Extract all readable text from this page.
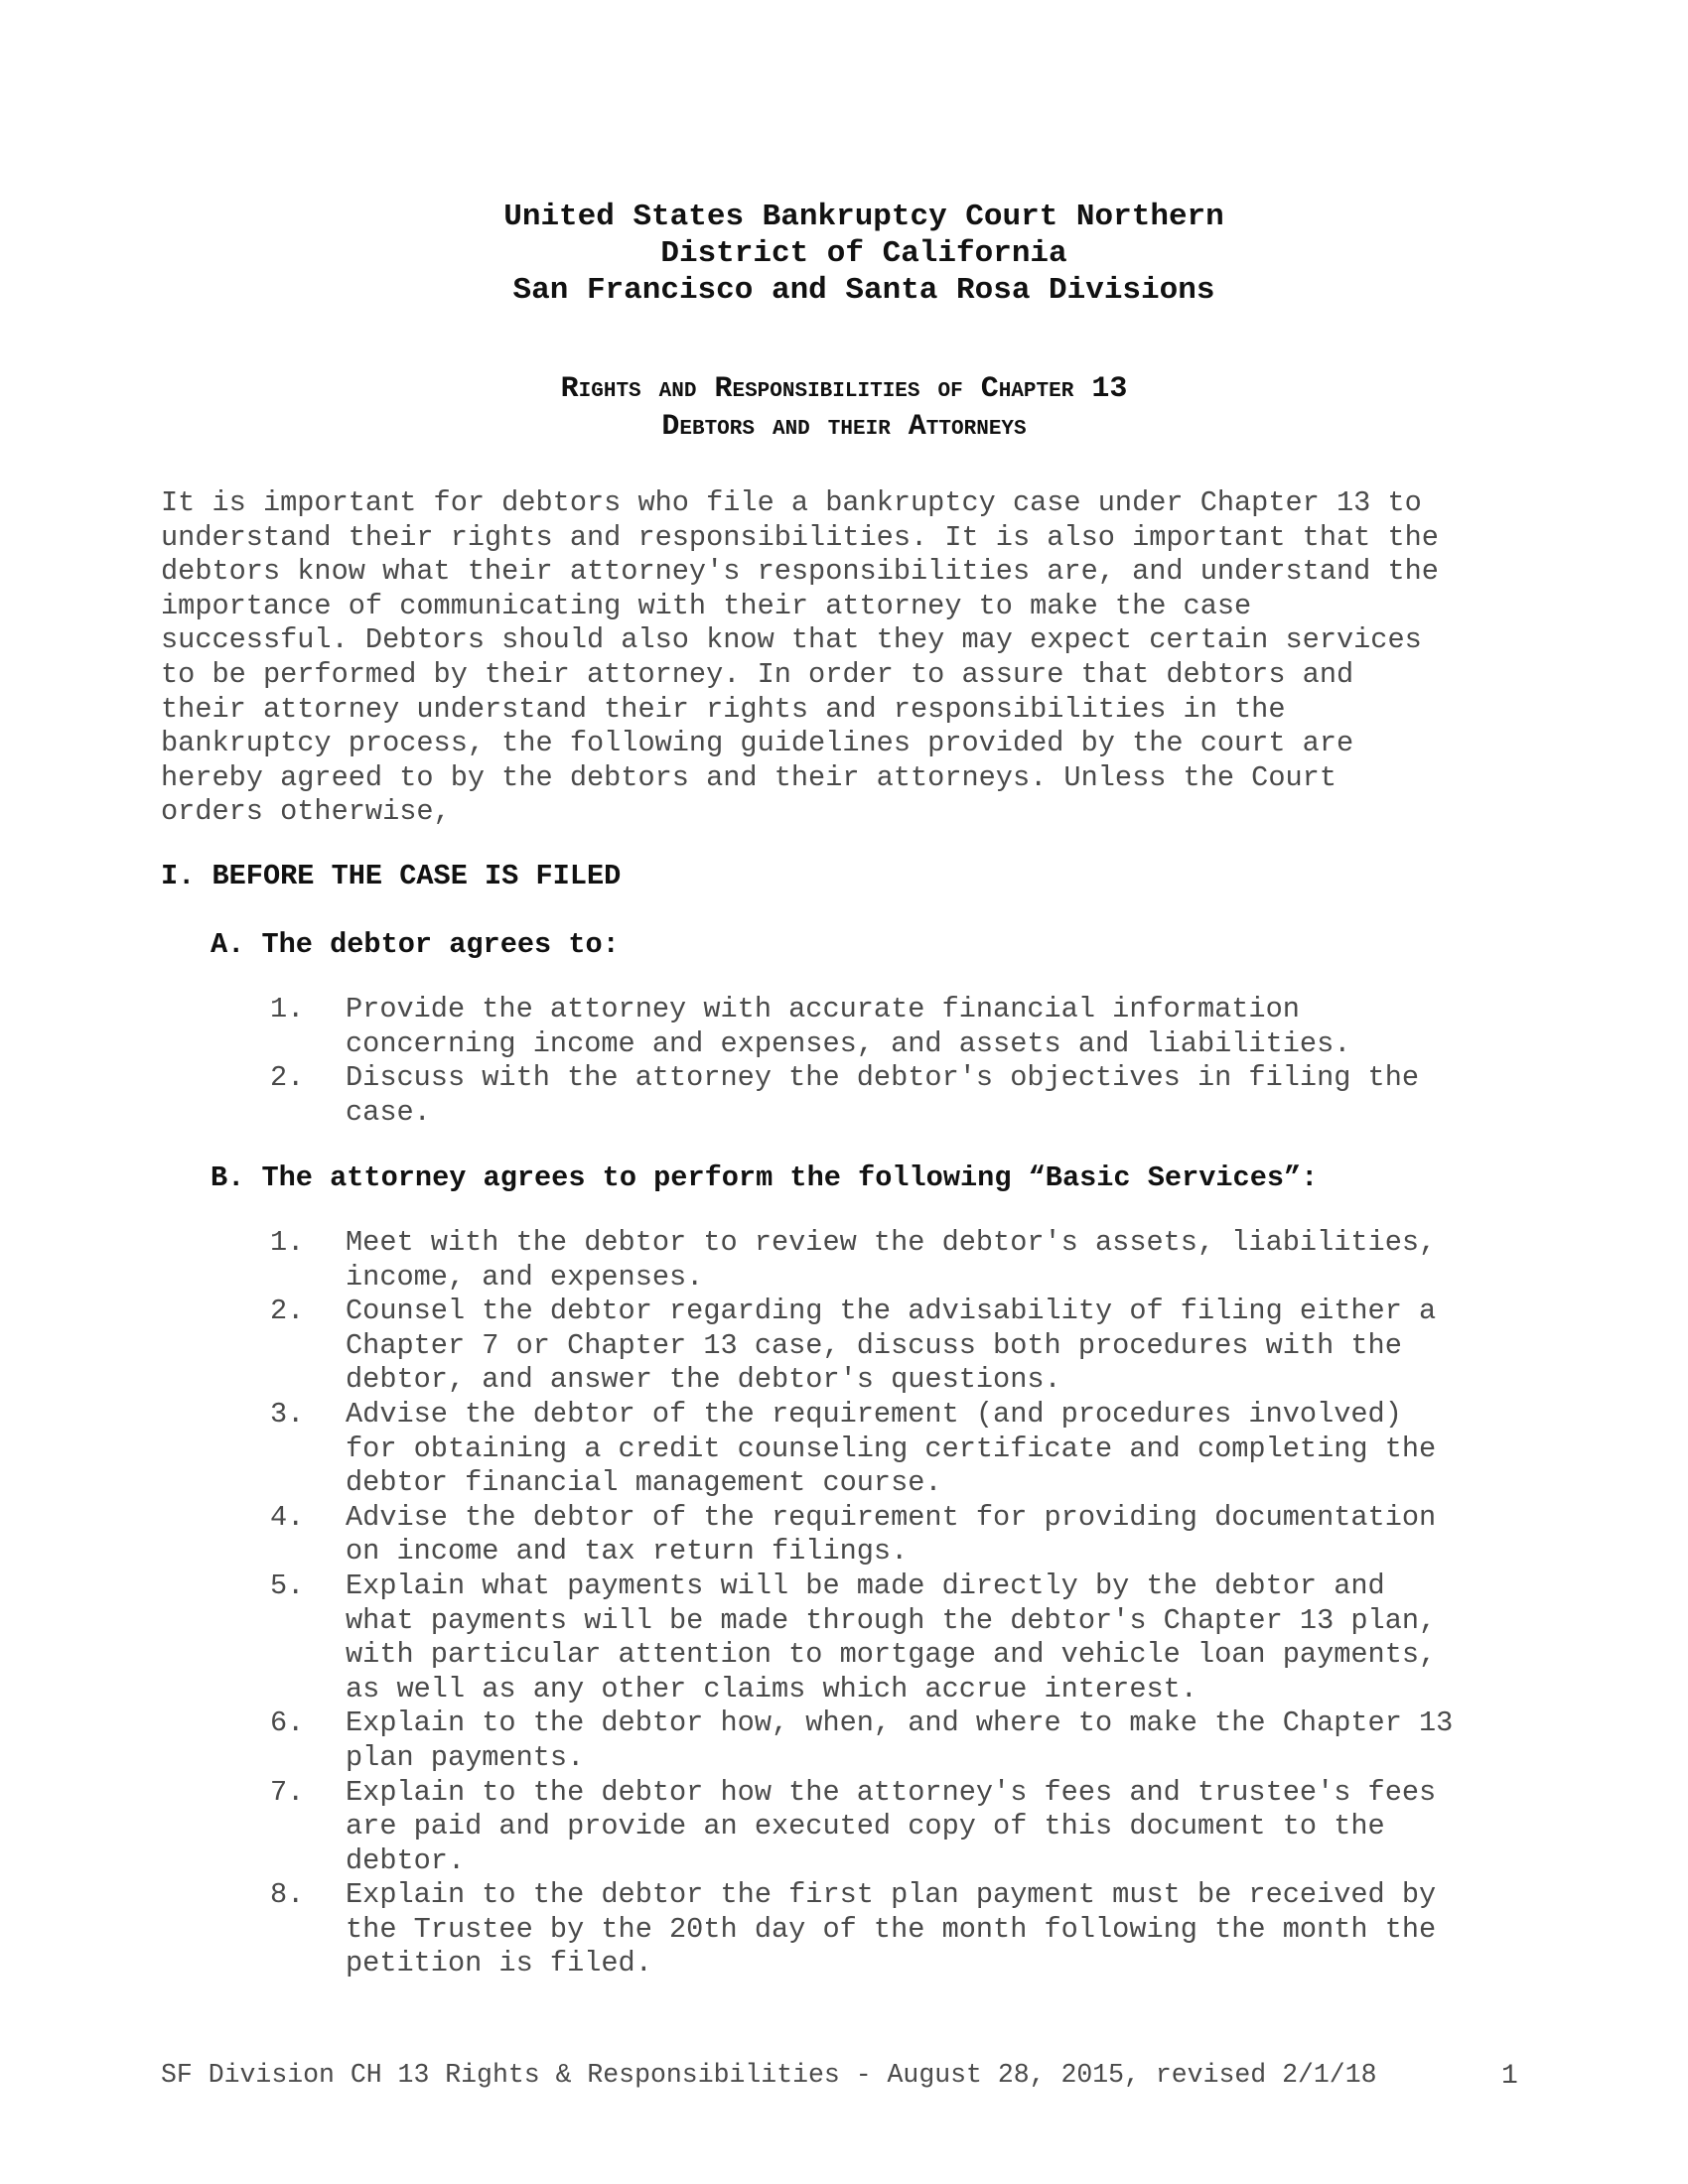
United States Bankruptcy Court Northern
District of California
San Francisco and Santa Rosa Divisions
Rights and Responsibilities of Chapter 13
Debtors and their Attorneys

It is important for debtors who file a bankruptcy case under Chapter 13 to
understand their rights and responsibilities. It is also important that the
debtors know what their attorney's responsibilities are, and understand the
importance of communicating with their attorney to make the case
successful. Debtors should also know that they may expect certain services
to be performed by their attorney. In order to assure that debtors and
their attorney understand their rights and responsibilities in the
bankruptcy process, the following guidelines provided by the court are
hereby agreed to by the debtors and their attorneys. Unless the Court
orders otherwise,

I. BEFORE THE CASE IS FILED
A. The debtor agrees to:
1.	Provide the attorney with accurate financial information
concerning income and expenses, and assets and liabilities.
2.	Discuss with the attorney the debtor's objectives in filing the
case.
B. The attorney agrees to perform the following “Basic Services”:
1.	Meet with the debtor to review the debtor's assets, liabilities,
income, and expenses.
2.	Counsel the debtor regarding the advisability of filing either a
Chapter 7 or Chapter 13 case, discuss both procedures with the
debtor, and answer the debtor's questions.
3.	Advise the debtor of the requirement (and procedures involved)
for obtaining a credit counseling certificate and completing the
debtor financial management course.
4.	Advise the debtor of the requirement for providing documentation
on income and tax return filings.
5.	Explain what payments will be made directly by the debtor and
what payments will be made through the debtor's Chapter 13 plan,
with particular attention to mortgage and vehicle loan payments,
as well as any other claims which accrue interest.
6.	Explain to the debtor how, when, and where to make the Chapter 13
plan payments.
7.	Explain to the debtor how the attorney's fees and trustee's fees
are paid and provide an executed copy of this document to the
debtor.
8.	Explain to the debtor the first plan payment must be received by
the Trustee by the 20th day of the month following the month the
petition is filed.
SF Division CH 13 Rights & Responsibilities - August 28, 2015, revised 2/1/18	1
